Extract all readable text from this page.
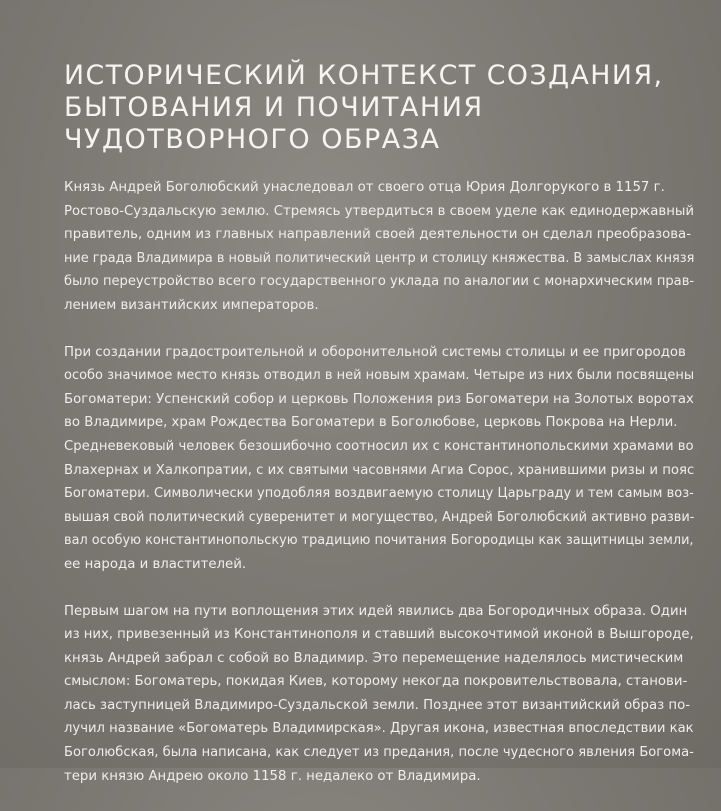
ИСТОРИЧЕСКИЙ КОНТЕКСТ СОЗДАНИЯ,
БЫТОВАНИЯ И ПОЧИТАНИЯ
ЧУДОТВОРНОГО ОБРАЗА

Князь Андрей Боголюбский унаследовал от своего отца Юрия Долгорукого в 1157 г.
Ростово-Суздальскую землю. Стремясь утвердиться в своем уделе как единодержавный
правитель, одним из главных направлений своей деятельности он сделал преобразова-
ние града Владимира в новый политический центр и столицу княжества. В замыслах князя
было переустройство всего государственного уклада по аналогии с монархическим прав-
лением византийских императоров.

При создании градостроительной и оборонительной системы столицы и ее пригородов
особо значимое место князь отводил в ней новым храмам. Четыре из них были посвящены
Богоматери: Успенский собор и церковь Положения риз Богоматери на Золотых воротах
во Владимире, храм Рождества Богоматери в Боголюбове, церковь Покрова на Нерли.
Средневековый человек безошибочно соотносил их с константинопольскими храмами во
Влахернах и Халкопратии, с их святыми часовнями Агиа Сорос, хранившими ризы и пояс
Богоматери. Символически уподобляя воздвигаемую столицу Царьграду и тем самым воз-
вышая свой политический суверенитет и могущество, Андрей Боголюбский активно разви-
вал особую константинопольскую традицию почитания Богородицы как защитницы земли,
ее народа и властителей.

Первым шагом на пути воплощения этих идей явились два Богородичных образа. Один
из них, привезенный из Константинополя и ставший высокочтимой иконой в Вышгороде,
князь Андрей забрал с собой во Владимир. Это перемещение наделялось мистическим
смыслом: Богоматерь, покидая Киев, которому некогда покровительствовала, станови-
лась заступницей Владимиро-Суздальской земли. Позднее этот византийский образ по-
лучил название «Богоматерь Владимирская». Другая икона, известная впоследствии как
Боголюбская, была написана, как следует из предания, после чудесного явления Богома-
тери князю Андрею около 1158 г. недалеко от Владимира.
